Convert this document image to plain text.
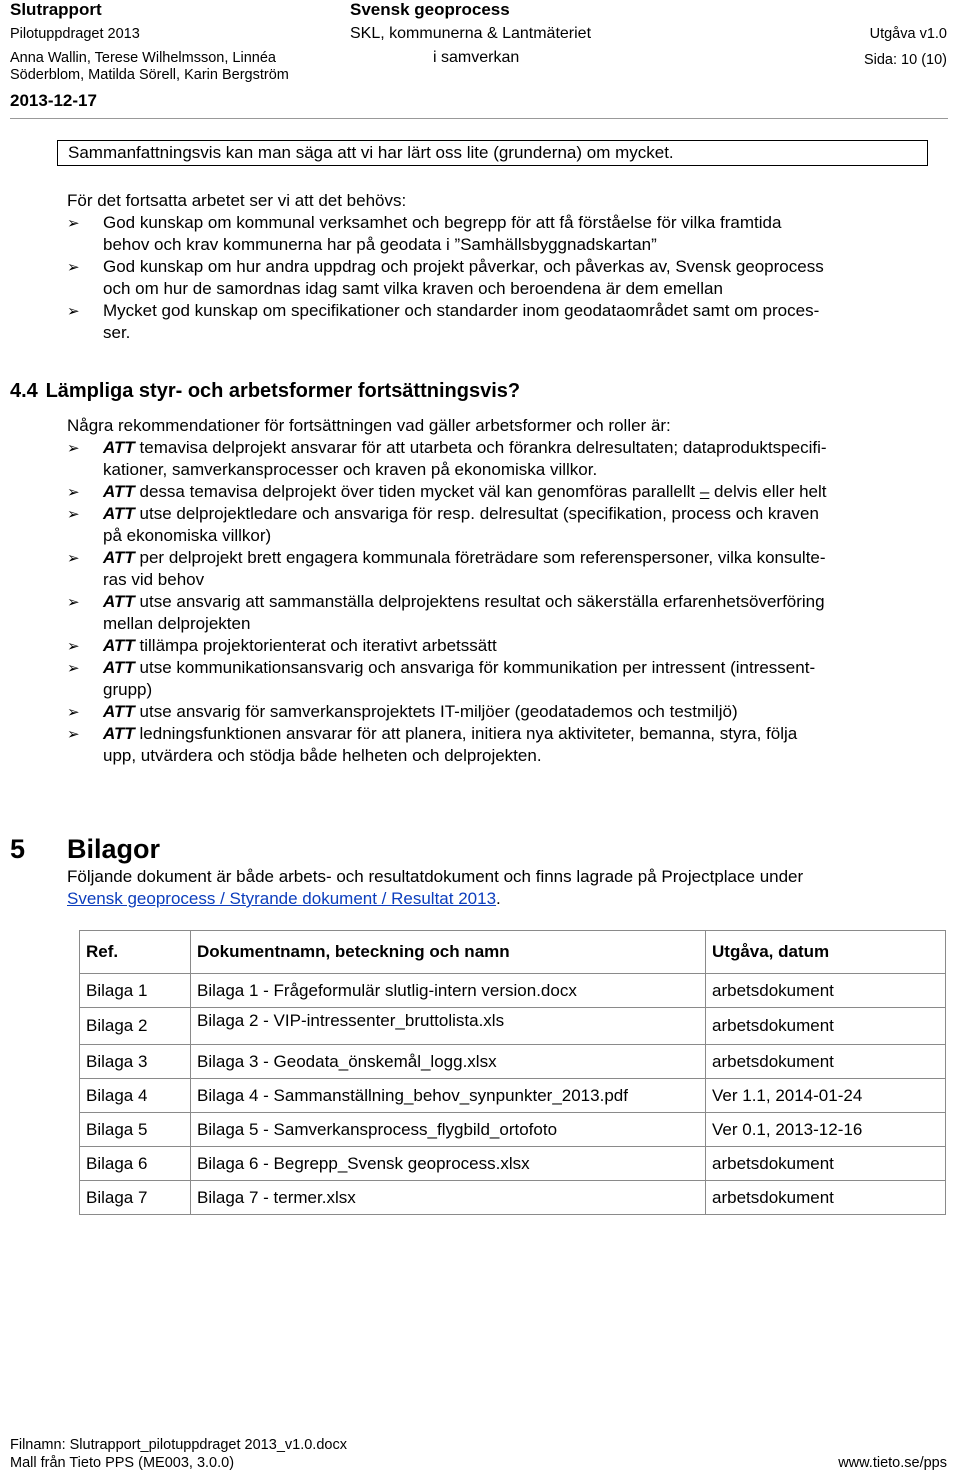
Slutrapport
Pilotuppdraget 2013
Anna Wallin, Terese Wilhelmsson, Linnéa
Söderblom, Matilda Sörell, Karin Bergström
2013-12-17
Svensk geoprocess
SKL, kommunerna & Lantmäteriet
i samverkan
Utgåva v1.0
Sida: 10 (10)
Sammanfattningsvis kan man säga att vi har lärt oss lite (grunderna) om mycket.
För det fortsatta arbetet ser vi att det behövs:
➢ God kunskap om kommunal verksamhet och begrepp för att få förståelse för vilka framtida
behov och krav kommunerna har på geodata i ”Samhällsbyggnadskartan”
➢ God kunskap om hur andra uppdrag och projekt påverkar, och påverkas av, Svensk geoprocess
och om hur de samordnas idag samt vilka kraven och beroendena är dem emellan
➢ Mycket god kunskap om specifikationer och standarder inom geodataområdet samt om proces-
ser.
4.4 Lämpliga styr- och arbetsformer fortsättningsvis?
Några rekommendationer för fortsättningen vad gäller arbetsformer och roller är:
➢ ATT temavisa delprojekt ansvarar för att utarbeta och förankra delresultaten; dataproduktspecifi-
kationer, samverkansprocesser och kraven på ekonomiska villkor.
➢ ATT dessa temavisa delprojekt över tiden mycket väl kan genomföras parallellt – delvis eller helt
➢ ATT utse delprojektledare och ansvariga för resp. delresultat (specifikation, process och kraven
på ekonomiska villkor)
➢ ATT per delprojekt brett engagera kommunala företrädare som referenspersoner, vilka konsulte-
ras vid behov
➢ ATT utse ansvarig att sammanställa delprojektens resultat och säkerställa erfarenhetsöverföring
mellan delprojekten
➢ ATT tillämpa projektorienterat och iterativt arbetssätt
➢ ATT utse kommunikationsansvarig och ansvariga för kommunikation per intressent (intressent-
grupp)
➢ ATT utse ansvarig för samverkansprojektets IT-miljöer (geodatademos och testmiljö)
➢ ATT ledningsfunktionen ansvarar för att planera, initiera nya aktiviteter, bemanna, styra, följa
upp, utvärdera och stödja både helheten och delprojekten.
5 Bilagor
Följande dokument är både arbets- och resultatdokument och finns lagrade på Projectplace under
Svensk geoprocess / Styrande dokument / Resultat 2013.
Ref.	Dokumentnamn, beteckning och namn	Utgåva, datum
Bilaga 1	Bilaga 1 - Frågeformulär slutlig-intern version.docx	arbetsdokument
Bilaga 2	Bilaga 2 - VIP-intressenter_bruttolista.xls	arbetsdokument
Bilaga 3	Bilaga 3 - Geodata_önskemål_logg.xlsx	arbetsdokument
Bilaga 4	Bilaga 4 - Sammanställning_behov_synpunkter_2013.pdf	Ver 1.1, 2014-01-24
Bilaga 5	Bilaga 5 - Samverkansprocess_flygbild_ortofoto	Ver 0.1, 2013-12-16
Bilaga 6	Bilaga 6 - Begrepp_Svensk geoprocess.xlsx	arbetsdokument
Bilaga 7	Bilaga 7 - termer.xlsx	arbetsdokument
Filnamn: Slutrapport_pilotuppdraget 2013_v1.0.docx
Mall från Tieto PPS (ME003, 3.0.0)	www.tieto.se/pps
